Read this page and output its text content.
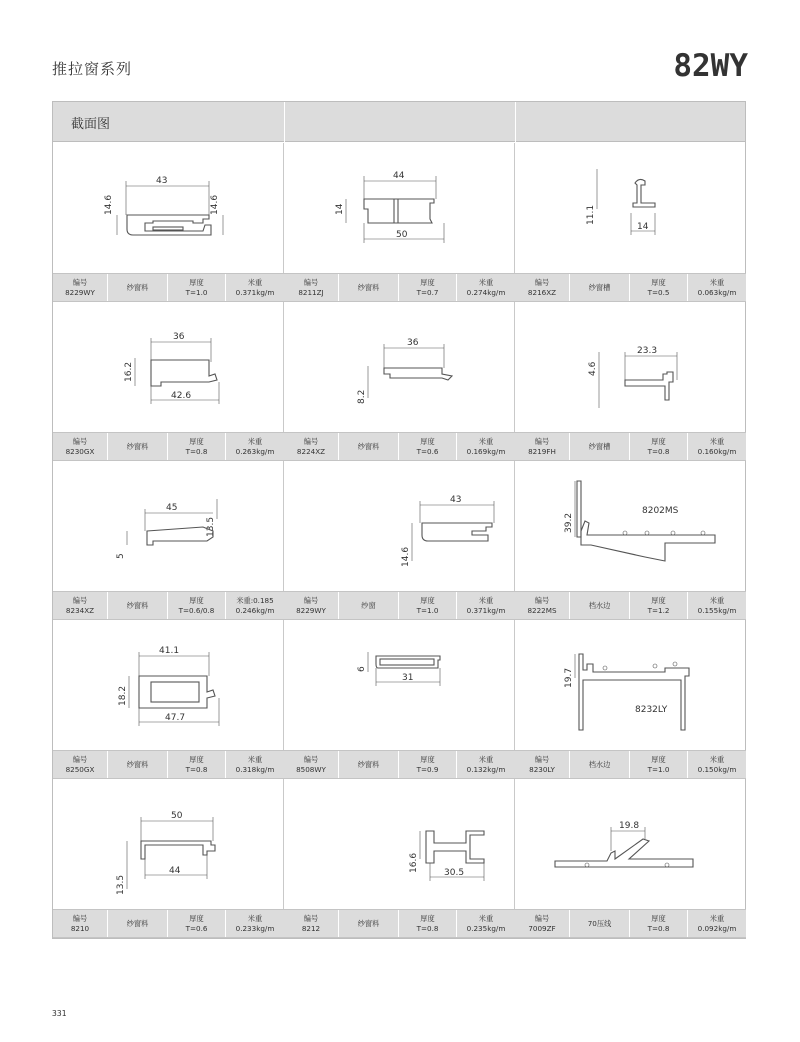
推拉窗系列	82WY
截面图
43
14.6	14.6
编号
8229WY
纱窗料
厚度
T=1.0
米重
0.371kg/m
44
14
50
编号
8211ZJ
纱窗料
厚度
T=0.7
米重
0.274kg/m
11.1
14
编号
8216XZ
纱窗槽
厚度
T=0.5
米重
0.063kg/m
36
16.2
42.6
编号
8230GX
纱窗料
厚度
T=0.8
米重
0.263kg/m
36
8.2
编号
8224XZ
纱窗料
厚度
T=0.6
米重
0.169kg/m
23.3
4.6
编号
8219FH
纱窗槽
厚度
T=0.8
米重
0.160kg/m
45
13.5
5
编号
8234XZ
纱窗料
厚度
T=0.6/0.8
米重:0.185
0.246kg/m
43
14.6
编号
8229WY
纱窗
厚度
T=1.0
米重
0.371kg/m
39.2
8202MS
编号
8222MS
档水边
厚度
T=1.2
米重
0.155kg/m
41.1
18.2
47.7
编号
8250GX
纱窗料
厚度
T=0.8
米重
0.318kg/m
6
31
编号
8508WY
纱窗料
厚度
T=0.9
米重
0.132kg/m
19.7
8232LY
编号
8230LY
档水边
厚度
T=1.0
米重
0.150kg/m
50
13.5
44
编号
8210
纱窗料
厚度
T=0.6
米重
0.233kg/m
16.6	30.5
编号
8212
纱窗料
厚度
T=0.8
米重
0.235kg/m
19.8
编号
7009ZF
70压线
厚度
T=0.8
米重
0.092kg/m
331
